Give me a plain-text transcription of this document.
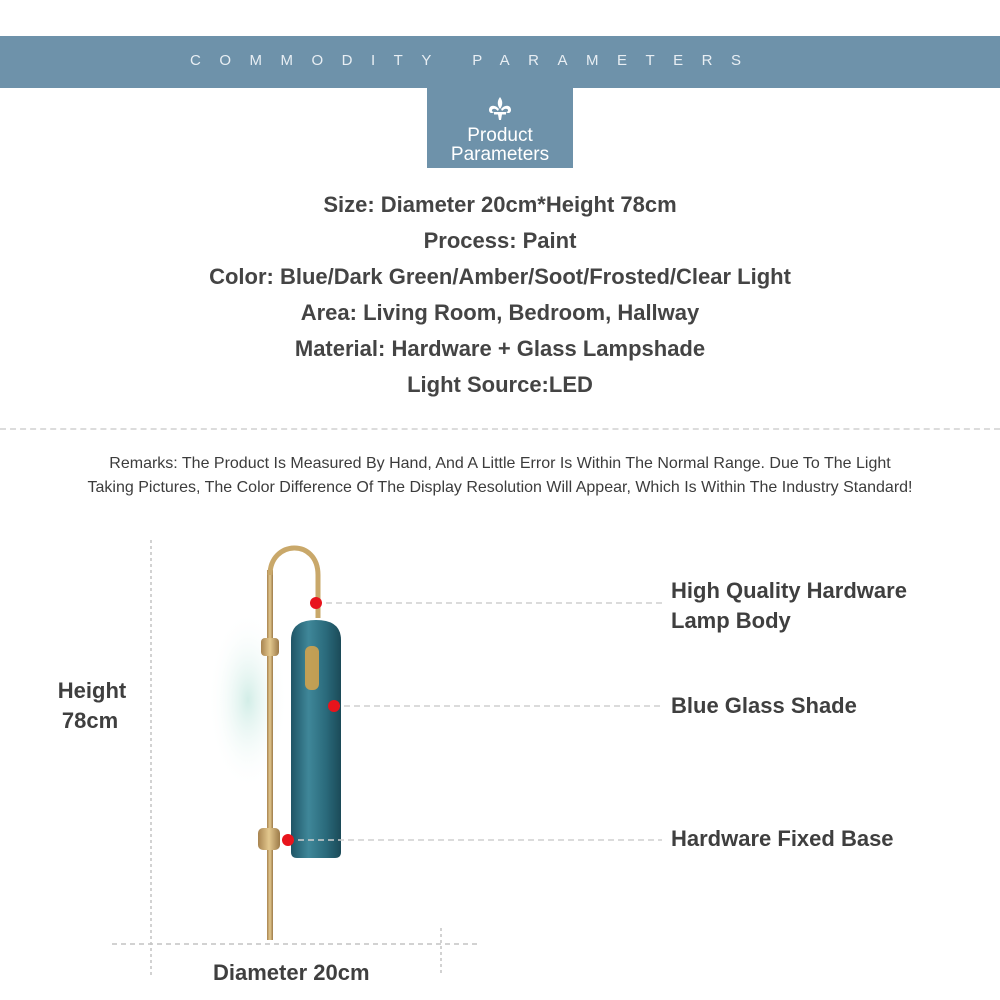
COMMODITY PARAMETERS
Product
Parameters
Size: Diameter 20cm*Height 78cm
Process: Paint
Color: Blue/Dark Green/Amber/Soot/Frosted/Clear Light
Area: Living Room, Bedroom, Hallway
Material: Hardware + Glass Lampshade
Light Source:LED
Remarks: The Product Is Measured By Hand, And A Little Error Is Within The Normal Range. Due To The Light
Taking Pictures, The Color Difference Of The Display Resolution Will Appear, Which Is Within The Industry Standard!
Height
78cm
Diameter 20cm
High Quality Hardware
Lamp Body
Blue Glass Shade
Hardware Fixed Base
